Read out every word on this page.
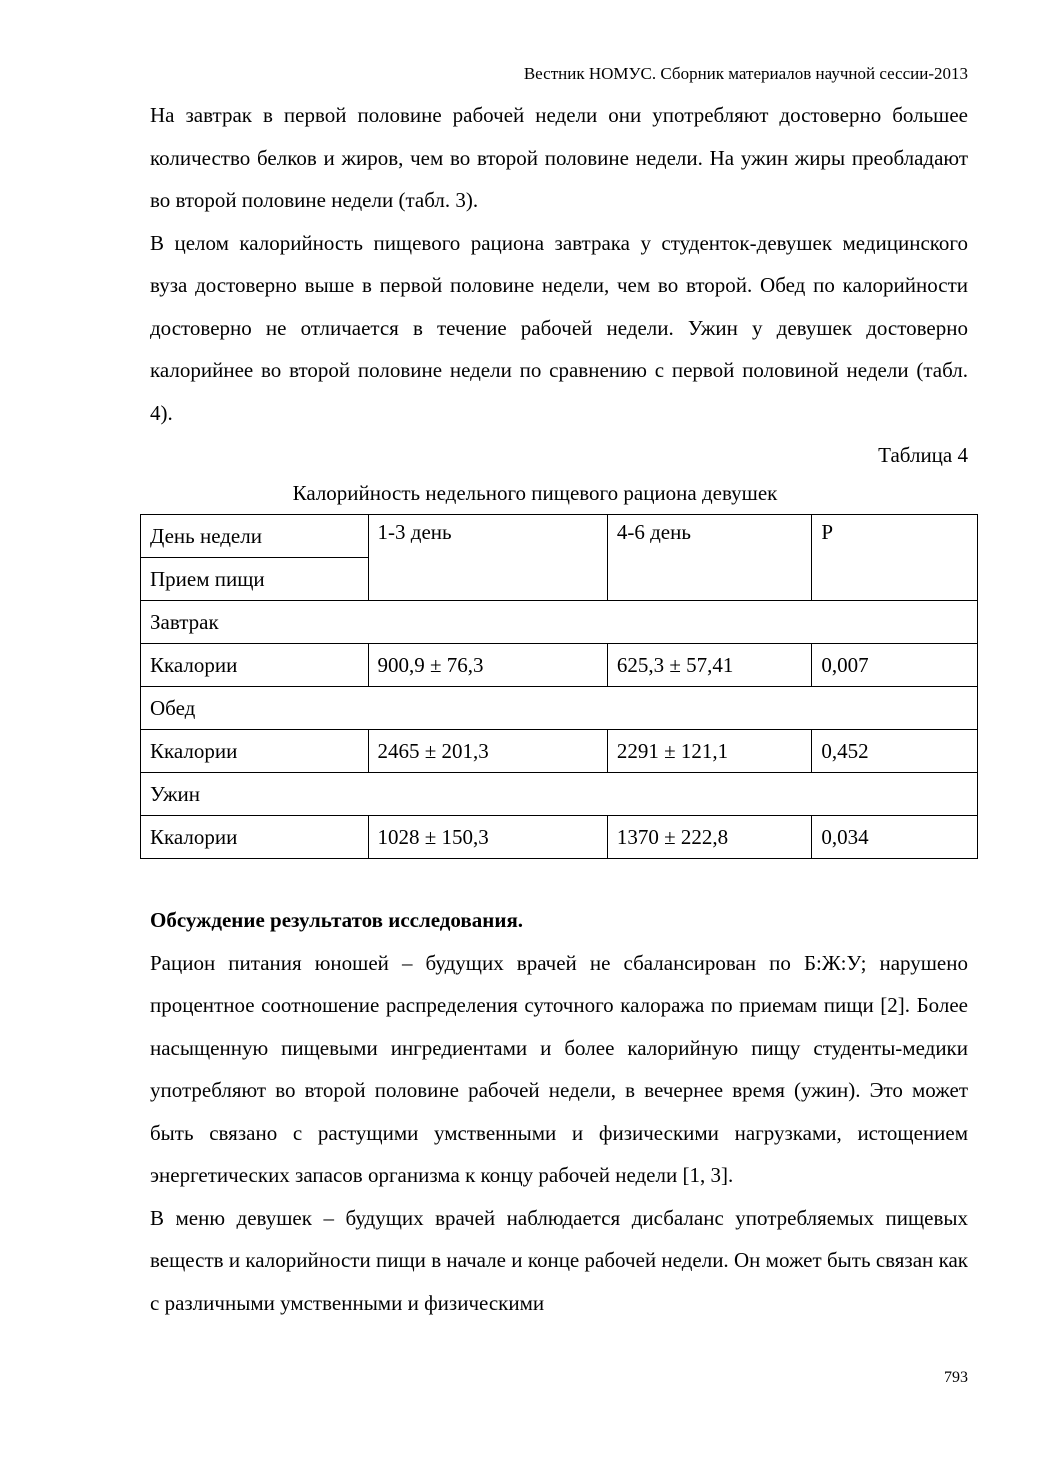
Вестник НОМУС. Сборник материалов научной сессии-2013

На завтрак в первой половине рабочей недели они употребляют достоверно большее количество белков и жиров, чем во второй половине недели. На ужин жиры преобладают во второй половине недели (табл. 3).

В целом калорийность пищевого рациона завтрака у студенток-девушек медицинского вуза достоверно выше в первой половине недели, чем во второй. Обед по калорийности достоверно не отличается в течение рабочей недели. Ужин у девушек достоверно калорийнее во второй половине недели по сравнению с первой половиной недели (табл. 4).

Таблица 4

Калорийность недельного пищевого рациона девушек

День недели	1-3 день	4-6 день	P
Прием пищи			
Завтрак			
Ккалории	900,9 ± 76,3	625,3 ± 57,41	0,007
Обед			
Ккалории	2465 ± 201,3	2291 ± 121,1	0,452
Ужин			
Ккалории	1028 ± 150,3	1370 ± 222,8	0,034

Обсуждение результатов исследования.

Рацион питания юношей – будущих врачей не сбалансирован по Б:Ж:У; нарушено процентное соотношение распределения суточного калоража по приемам пищи [2]. Более насыщенную пищевыми ингредиентами и более калорийную пищу студенты-медики употребляют во второй половине рабочей недели, в вечернее время (ужин). Это может быть связано с растущими умственными и физическими нагрузками, истощением энергетических запасов организма к концу рабочей недели [1, 3].

В меню девушек – будущих врачей наблюдается дисбаланс употребляемых пищевых веществ и калорийности пищи в начале и конце рабочей недели. Он может быть связан как с различными умственными и физическими

793
